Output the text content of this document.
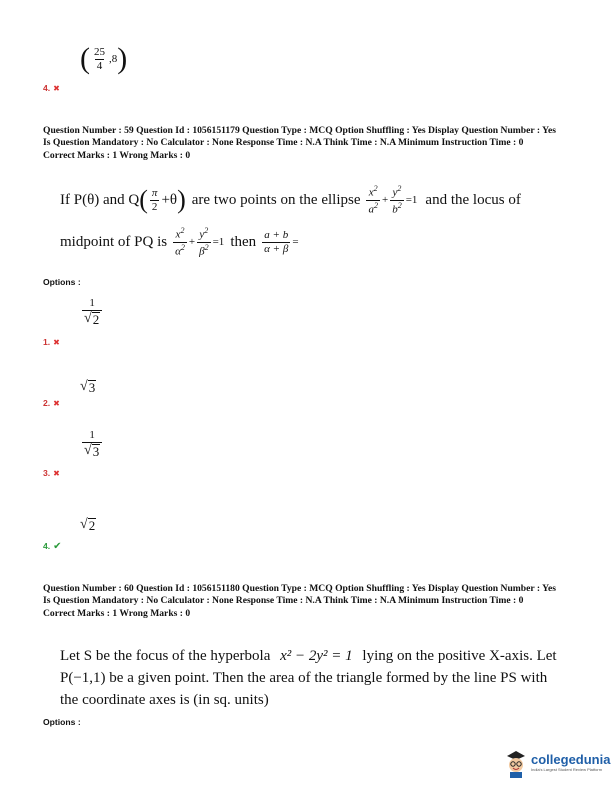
( $\frac{25}{4} ,8$ )
4. ✖
Question Number : 59 Question Id : 1056151179 Question Type : MCQ Option Shuffling : Yes Display Question Number : Yes
Is Question Mandatory : No Calculator : None Response Time : N.A Think Time : N.A Minimum Instruction Time : 0
Correct Marks : 1 Wrong Marks : 0
If P(θ) and Q ( $\frac{\pi}{2} +\theta$ ) are two points on the ellipse $\frac{x^2}{a^2} + \frac{y^2}{b^2} =1$ and the locus of
midpoint of PQ is $\frac{x^2}{\alpha^2} + \frac{y^2}{\beta^2} =1$ then $\frac{a + b}{\alpha + \beta}$ =
Options :
$\frac{1}{√ 2}$
1. ✖
√ 3
2. ✖
$\frac{1}{√ 3}$
3. ✖
√ 2
4. ✔
Question Number : 60 Question Id : 1056151180 Question Type : MCQ Option Shuffling : Yes Display Question Number : Yes
Is Question Mandatory : No Calculator : None Response Time : N.A Think Time : N.A Minimum Instruction Time : 0
Correct Marks : 1 Wrong Marks : 0
Let S be the focus of the hyperbola x² − 2y² = 1 lying on the positive X-axis. Let
P(−1,1) be a given point. Then the area of the triangle formed by the line PS with
the coordinate axes is (in sq. units)
Options :
collegedunia
India's Largest Student Review Platform
